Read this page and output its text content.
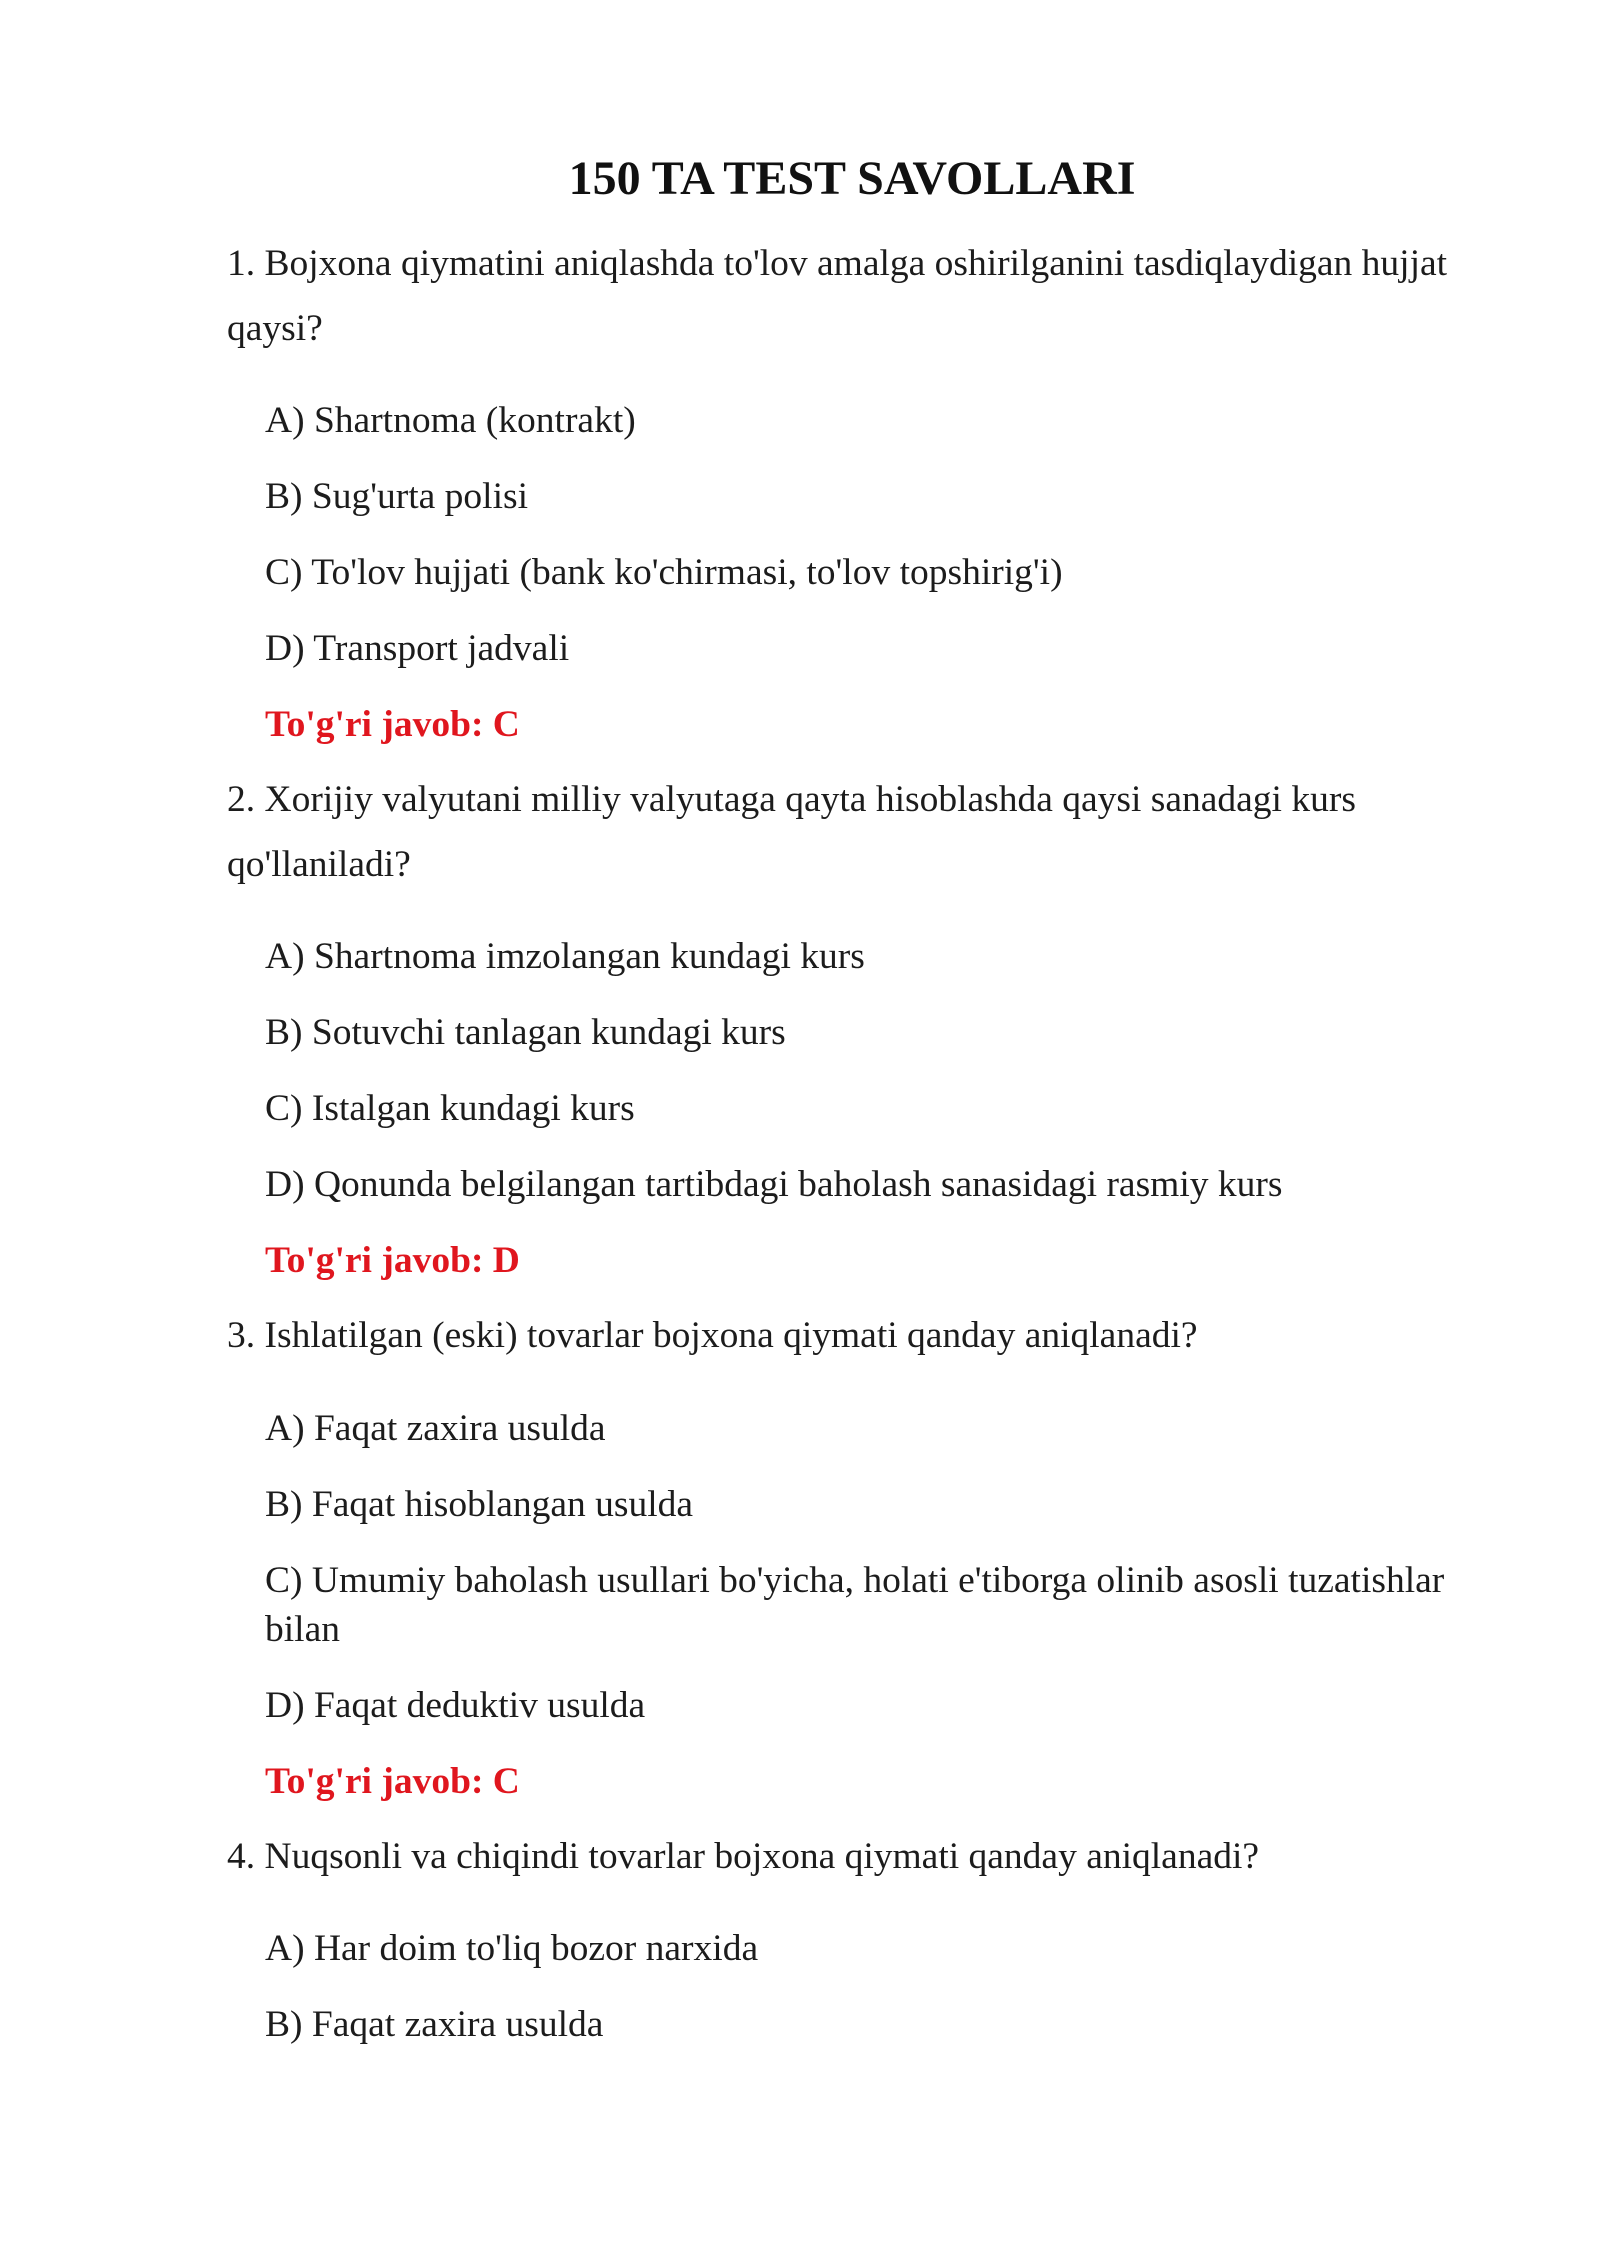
150 TA TEST SAVOLLARI

1. Bojxona qiymatini aniqlashda to'lov amalga oshirilganini tasdiqlaydigan hujjat qaysi?

A) Shartnoma (kontrakt)
B) Sug'urta polisi
C) To'lov hujjati (bank ko'chirmasi, to'lov topshirig'i)
D) Transport jadvali
To'g'ri javob: C

2. Xorijiy valyutani milliy valyutaga qayta hisoblashda qaysi sanadagi kurs qo'llaniladi?

A) Shartnoma imzolangan kundagi kurs
B) Sotuvchi tanlagan kundagi kurs
C) Istalgan kundagi kurs
D) Qonunda belgilangan tartibdagi baholash sanasidagi rasmiy kurs
To'g'ri javob: D

3. Ishlatilgan (eski) tovarlar bojxona qiymati qanday aniqlanadi?

A) Faqat zaxira usulda
B) Faqat hisoblangan usulda
C) Umumiy baholash usullari bo'yicha, holati e'tiborga olinib asosli tuzatishlar bilan
D) Faqat deduktiv usulda
To'g'ri javob: C

4. Nuqsonli va chiqindi tovarlar bojxona qiymati qanday aniqlanadi?

A) Har doim to'liq bozor narxida
B) Faqat zaxira usulda
